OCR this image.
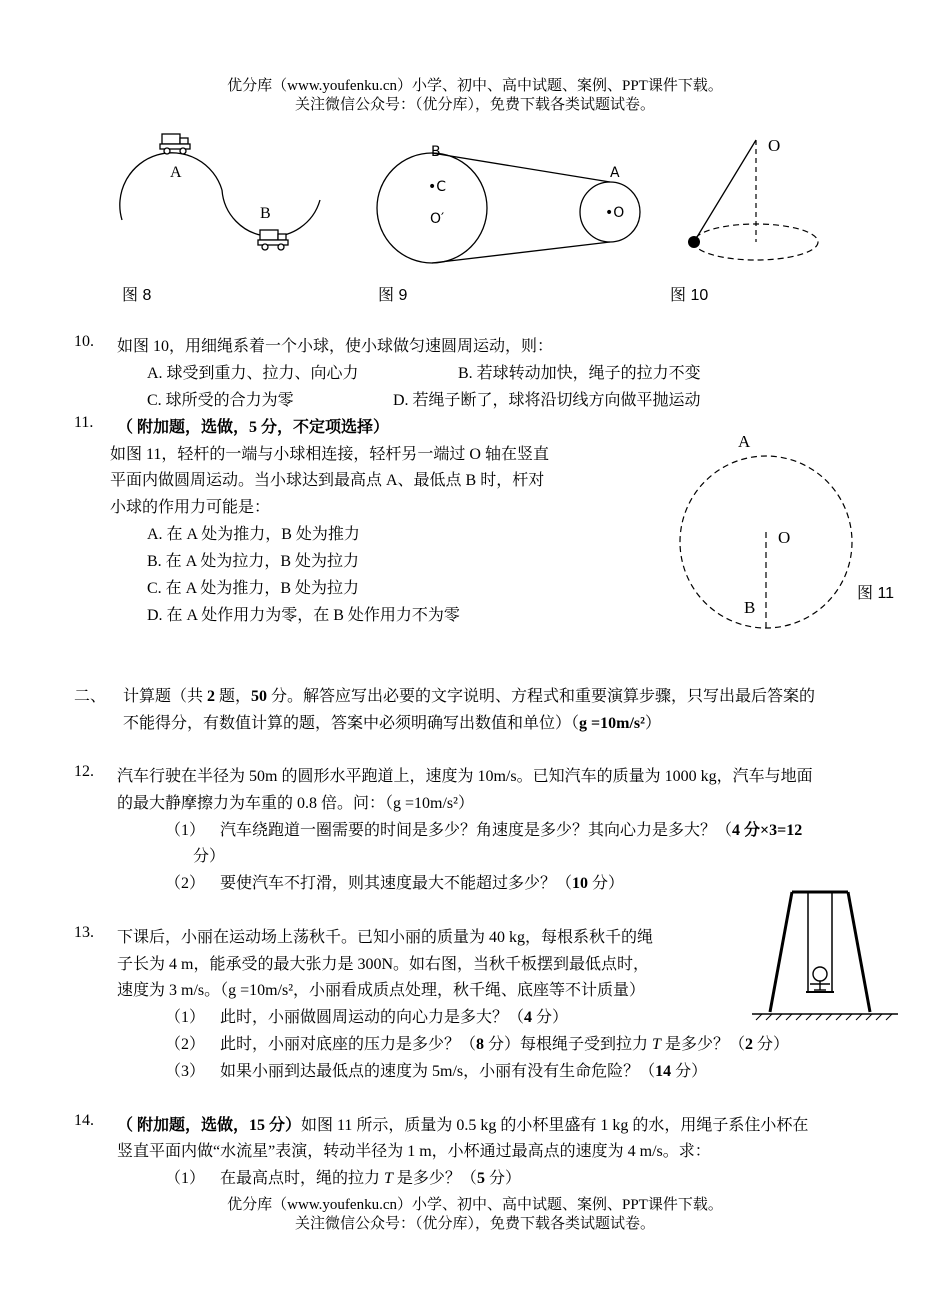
优分库（www.youfenku.cn）小学、初中、高中试题、案例、PPT课件下载。
关注微信公众号：（优分库），免费下载各类试题试卷。
A
B
图 8
B
A
•C
O′	•O
图 9
O
图 10
10. 如图 10，用细绳系着一个小球，使小球做匀速圆周运动，则：
A. 球受到重力、拉力、向心力	B. 若球转动加快，绳子的拉力不变
C. 球所受的合力为零	D. 若绳子断了，球将沿切线方向做平抛运动
11. （ 附加题，选做，5 分，不定项选择）
如图 11，轻杆的一端与小球相连接，轻杆另一端过 O 轴在竖直
平面内做圆周运动。当小球达到最高点 A、最低点 B 时，杆对
小球的作用力可能是：
A. 在 A 处为推力，B 处为推力
B. 在 A 处为拉力，B 处为拉力
C. 在 A 处为推力，B 处为拉力
D. 在 A 处作用力为零，在 B 处作用力不为零
A
O
B
图 11
二、 计算题（共 2 题，50 分。解答应写出必要的文字说明、方程式和重要演算步骤，只写出最后答案的
不能得分，有数值计算的题，答案中必须明确写出数值和单位）（g =10m/s²）
12. 汽车行驶在半径为 50m 的圆形水平跑道上，速度为 10m/s。已知汽车的质量为 1000 kg，汽车与地面
的最大静摩擦力为车重的 0.8 倍。问：（g =10m/s²）
（1） 汽车绕跑道一圈需要的时间是多少？角速度是多少？其向心力是多大？（4 分×3=12
分）
（2） 要使汽车不打滑，则其速度最大不能超过多少？（10 分）
13. 下课后，小丽在运动场上荡秋千。已知小丽的质量为 40 kg，每根系秋千的绳
子长为 4 m，能承受的最大张力是 300N。如右图，当秋千板摆到最低点时，
速度为 3 m/s。（g =10m/s²，小丽看成质点处理，秋千绳、底座等不计质量）
（1） 此时，小丽做圆周运动的向心力是多大？（4 分）
（2） 此时，小丽对底座的压力是多少？（8 分）每根绳子受到拉力 T 是多少？（2 分）
（3） 如果小丽到达最低点的速度为 5m/s，小丽有没有生命危险？（14 分）
14. （ 附加题，选做，15 分）如图 11 所示，质量为 0.5 kg 的小杯里盛有 1 kg 的水，用绳子系住小杯在
竖直平面内做“水流星”表演，转动半径为 1 m，小杯通过最高点的速度为 4 m/s。求：
（1） 在最高点时，绳的拉力 T 是多少？（5 分）
优分库（www.youfenku.cn）小学、初中、高中试题、案例、PPT课件下载。
关注微信公众号：（优分库），免费下载各类试题试卷。
